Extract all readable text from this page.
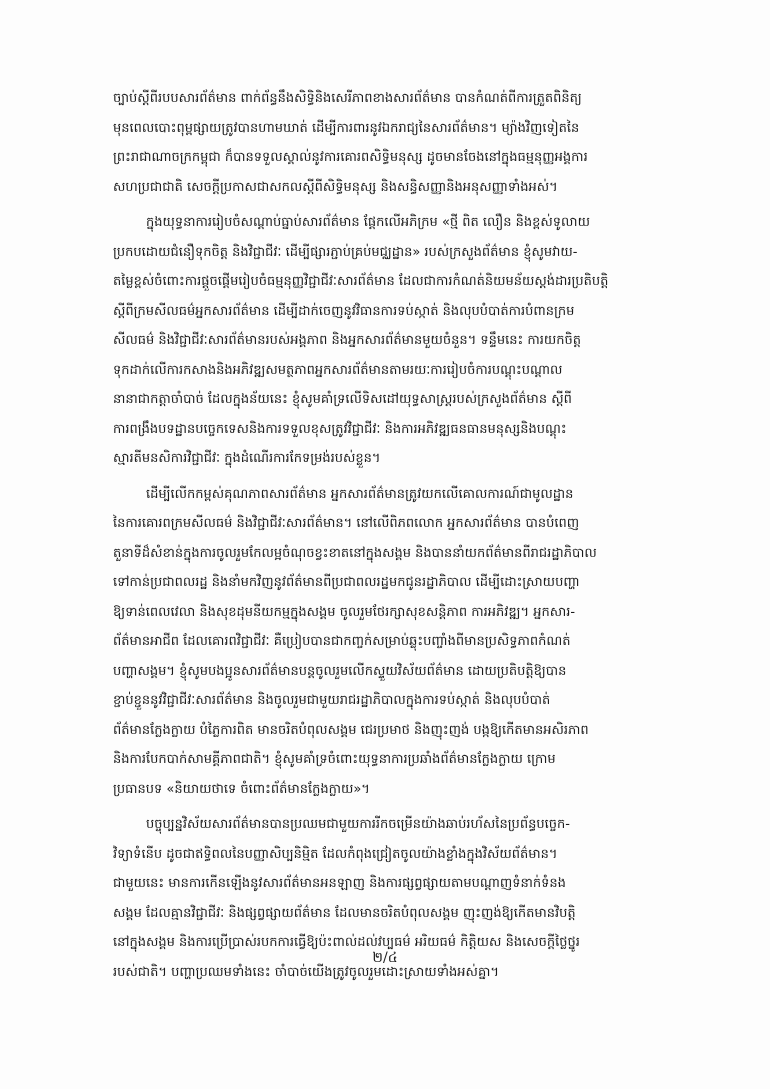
ច្បាប់ស្តីពីរបបសារព័ត៌មាន ពាក់ព័ន្ធនឹងសិទ្ធិនិងសេរីភាពខាងសារព័ត៌មាន បានកំណត់ពីការត្រួតពិនិត្យ
មុនពេលបោះពុម្ពផ្សាយត្រូវបានហាមឃាត់ ដើម្បីការពារនូវឯករាជ្យនៃសារព័ត៌មាន។ ម្យ៉ាងវិញទៀតនៃ
ព្រះរាជាណាចក្រកម្ពុជា ក៏បានទទួលស្គាល់នូវការគោរពសិទ្ធិមនុស្ស ដូចមានចែងនៅក្នុងធម្មនុញ្ញអង្គការ
សហប្រជាជាតិ សេចក្តីប្រកាសជាសកលស្តីពីសិទ្ធិមនុស្ស និងសន្ធិសញ្ញានិងអនុសញ្ញាទាំងអស់។
ក្នុងយុទ្ធនាការរៀបចំសណ្តាប់ធ្នាប់សារព័ត៌មាន ផ្តែកលើអភិក្រម «ថ្មី ពិត លឿន និងខ្ពស់ទូលាយ
ប្រកបដោយជំនឿទុកចិត្ត និងវិជ្ជាជីវៈ ដើម្បីផ្សារភ្ជាប់គ្រប់មជ្ឈដ្ឋាន» របស់ក្រសួងព័ត៌មាន ខ្ញុំសូមវាយ-
តម្លៃខ្ពស់ចំពោះការផ្តួចផ្តើមរៀបចំធម្មនុញ្ញវិជ្ជាជីវៈសារព័ត៌មាន ដែលជាការកំណត់និយមន័យស្តង់ដារប្រតិបត្តិ
ស្តីពីក្រមសីលធម៌អ្នកសារព័ត៌មាន ដើម្បីដាក់ចេញនូវវិធានការទប់ស្កាត់ និងលុបបំបាត់ការបំពានក្រម
សីលធម៌ និងវិជ្ជាជីវៈសារព័ត៌មានរបស់អង្គភាព និងអ្នកសារព័ត៌មានមួយចំនួន។ ទន្ទឹមនេះ ការយកចិត្ត
ទុកដាក់លើការកសាងនិងអភិវឌ្ឍសមត្ថភាពអ្នកសារព័ត៌មានតាមរយៈការរៀបចំការបណ្តុះបណ្តាល
នានាជាកត្តាចាំបាច់ ដែលក្នុងន័យនេះ ខ្ញុំសូមគាំទ្រលើទិសដៅយុទ្ធសាស្ត្ររបស់ក្រសួងព័ត៌មាន ស្តីពី
ការពង្រឹងបទដ្ឋានបច្ចេកទេសនិងការទទួលខុសត្រូវវិជ្ជាជីវៈ និងការអភិវឌ្ឍធនធានមនុស្សនិងបណ្តុះ
ស្មារតីមនសិការវិជ្ជាជីវៈ ក្នុងដំណើរការកែទម្រង់របស់ខ្លួន។
ដើម្បីលើកកម្ពស់គុណភាពសារព័ត៌មាន អ្នកសារព័ត៌មានត្រូវយកលើគោលការណ៍ជាមូលដ្ឋាន
នៃការគោរពក្រមសីលធម៌ និងវិជ្ជាជីវៈសារព័ត៌មាន។ នៅលើពិភពលោក អ្នកសារព័ត៌មាន បានបំពេញ
តួនាទីដ៏សំខាន់ក្នុងការចូលរួមកែលម្អចំណុចខ្វះខាតនៅក្នុងសង្គម និងបាននាំយកព័ត៌មានពីរាជរដ្ឋាភិបាល
ទៅកាន់ប្រជាពលរដ្ឋ និងនាំមកវិញនូវព័ត៌មានពីប្រជាពលរដ្ឋមកជូនរដ្ឋាភិបាល ដើម្បីដោះស្រាយបញ្ហា
ឱ្យទាន់ពេលវេលា និងសុខដុមនីយកម្មក្នុងសង្គម ចូលរួមថែរក្សាសុខសន្តិភាព ការអភិវឌ្ឍ។ អ្នកសារ-
ព័ត៌មានអាជីព ដែលគោរពវិជ្ជាជីវៈ គឺប្រៀបបានជាកញ្ចក់សម្រាប់ឆ្លុះបញ្ចាំងពីមានប្រសិទ្ធភាពកំណត់
បញ្ហាសង្គម។ ខ្ញុំសូមបងប្អូនសារព័ត៌មានបន្តចូលរួមលើកស្ទួយវិស័យព័ត៌មាន ដោយប្រតិបត្តិឱ្យបាន
ខ្ជាប់ខ្ជួននូវវិជ្ជាជីវៈសារព័ត៌មាន និងចូលរួមជាមួយរាជរដ្ឋាភិបាលក្នុងការទប់ស្កាត់ និងលុបបំបាត់
ព័ត៌មានក្លែងក្លាយ បំភ្លៃការពិត មានចរិតបំពុលសង្គម ជេរប្រមាថ និងញុះញង់ បង្កឱ្យកើតមានអសិរភាព
និងការបែកបាក់សាមគ្គីភាពជាតិ។ ខ្ញុំសូមគាំទ្រចំពោះយុទ្ធនាការប្រឆាំងព័ត៌មានក្លែងក្លាយ ក្រោម
ប្រធានបទ «និយាយថាទេ ចំពោះព័ត៌មានក្លែងក្លាយ»។
បច្ចុប្បន្នវិស័យសារព័ត៌មានបានប្រឈមជាមួយការរីកចម្រើនយ៉ាងឆាប់រហ័សនៃប្រព័ន្ធបច្ចេក-
វិទ្យាទំនើប ដូចជាឥទ្ធិពលនៃបញ្ញាសិប្បនិម្មិត ដែលកំពុងជ្រៀតចូលយ៉ាងខ្លាំងក្នុងវិស័យព័ត៌មាន។
ជាមួយនេះ មានការកើនឡើងនូវសារព័ត៌មានអនឡាញ និងការផ្សព្វផ្សាយតាមបណ្តាញទំនាក់ទំនង
សង្គម ដែលគ្មានវិជ្ជាជីវៈ និងផ្សព្វផ្សាយព័ត៌មាន ដែលមានចរិតបំពុលសង្គម ញុះញង់ឱ្យកើតមានវិបត្តិ
នៅក្នុងសង្គម និងការប្រើប្រាស់របកការធ្វើឱ្យប៉ះពាល់ដល់វប្បធម៌ អរិយធម៌ កិត្តិយស និងសេចក្តីថ្លៃថ្នូរ
របស់ជាតិ។ បញ្ហាប្រឈមទាំងនេះ ចាំបាច់យើងត្រូវចូលរួមដោះស្រាយទាំងអស់គ្នា។
២/៤
